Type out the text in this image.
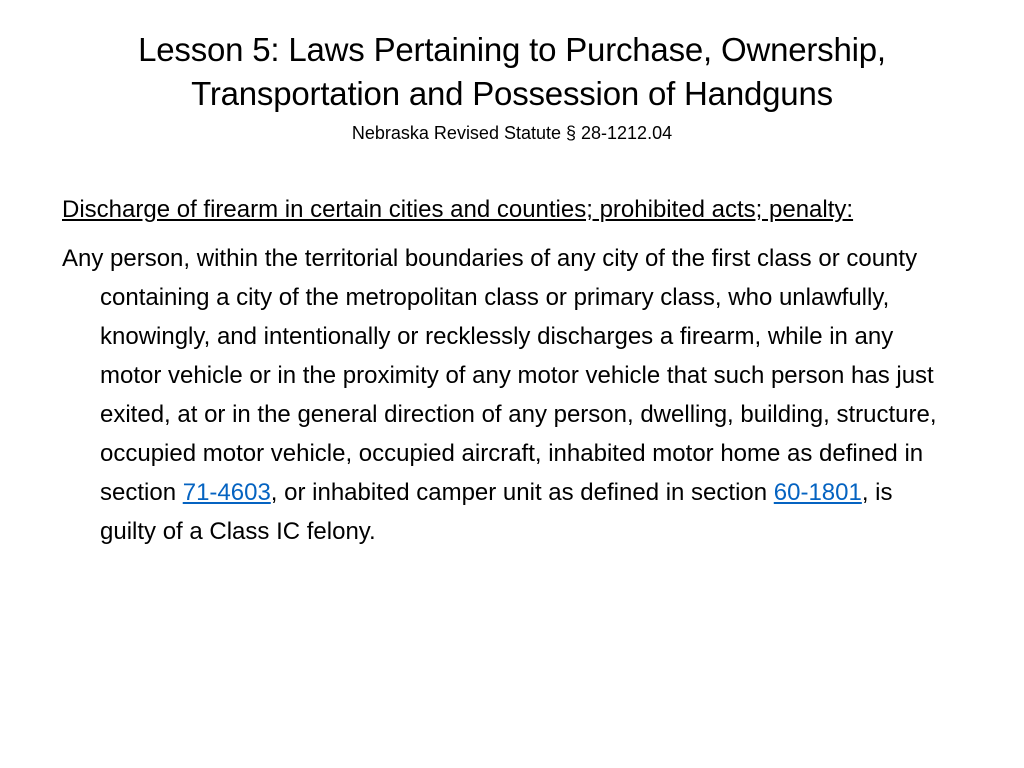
Lesson 5: Laws Pertaining to Purchase, Ownership,
Transportation and Possession of Handguns
Nebraska Revised Statute § 28-1212.04

Discharge of firearm in certain cities and counties; prohibited acts; penalty:

Any person, within the territorial boundaries of any city of the first class or county containing a city of the metropolitan class or primary class, who unlawfully, knowingly, and intentionally or recklessly discharges a firearm, while in any motor vehicle or in the proximity of any motor vehicle that such person has just exited, at or in the general direction of any person, dwelling, building, structure, occupied motor vehicle, occupied aircraft, inhabited motor home as defined in section 71-4603, or inhabited camper unit as defined in section 60-1801, is guilty of a Class IC felony.
